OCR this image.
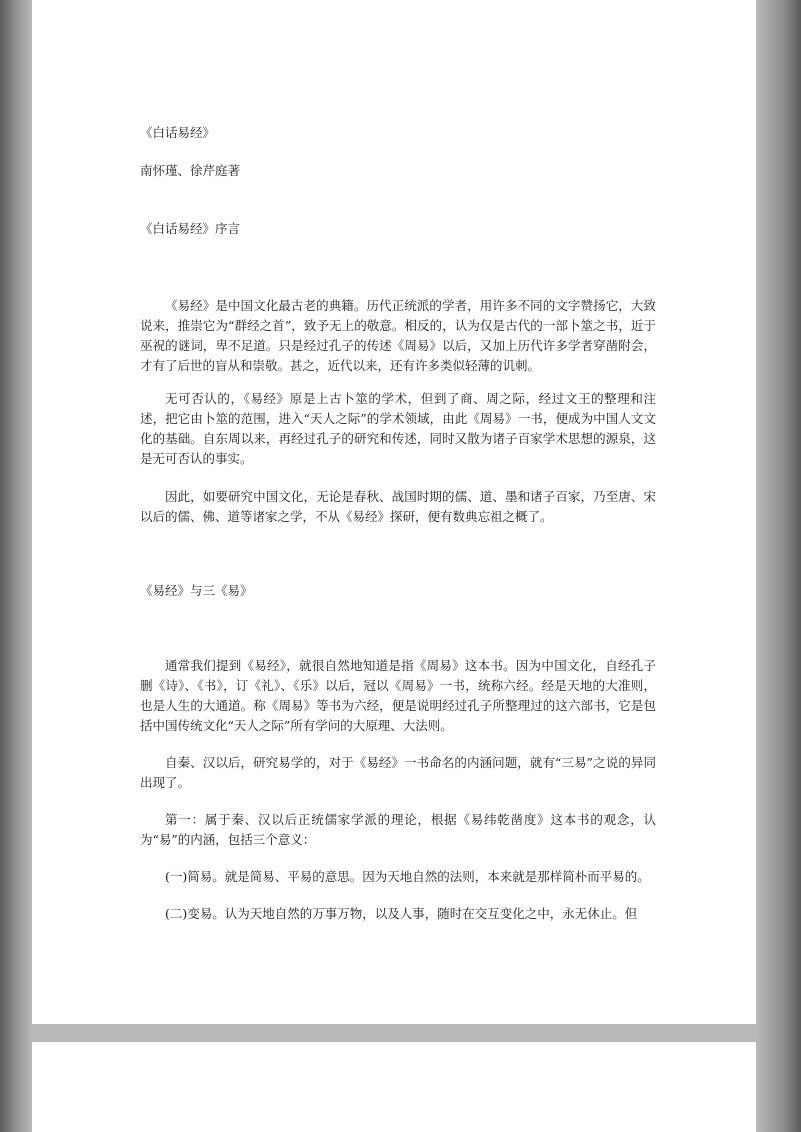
《白话易经》
南怀瑾、徐芹庭著
《白话易经》序言

《易经》是中国文化最古老的典籍。历代正统派的学者，用许多不同的文字赞扬它，大致说来，推崇它为“群经之首”，致予无上的敬意。相反的，认为仅是古代的一部卜筮之书，近于巫祝的谜词，卑不足道。只是经过孔子的传述《周易》以后，又加上历代许多学者穿凿附会，才有了后世的盲从和崇敬。甚之，近代以来，还有许多类似轻薄的讥刺。

无可否认的，《易经》原是上古卜筮的学术，但到了商、周之际，经过文王的整理和注述，把它由卜筮的范围，进入“天人之际”的学术领域，由此《周易》一书，便成为中国人文文化的基础。自东周以来，再经过孔子的研究和传述，同时又散为诸子百家学术思想的源泉，这是无可否认的事实。

因此，如要研究中国文化，无论是春秋、战国时期的儒、道、墨和诸子百家，乃至唐、宋以后的儒、佛、道等诸家之学，不从《易经》探研，便有数典忘祖之概了。

《易经》与三《易》

通常我们提到《易经》，就很自然地知道是指《周易》这本书。因为中国文化，自经孔子删《诗》、《书》，订《礼》、《乐》以后，冠以《周易》一书，统称六经。经是天地的大准则，也是人生的大通道。称《周易》等书为六经，便是说明经过孔子所整理过的这六部书，它是包括中国传统文化“天人之际”所有学问的大原理、大法则。

自秦、汉以后，研究易学的，对于《易经》一书命名的内涵问题，就有“三易”之说的异同出现了。

第一：属于秦、汉以后正统儒家学派的理论，根据《易纬乾凿度》这本书的观念，认为“易”的内涵，包括三个意义：

(一)简易。就是简易、平易的意思。因为天地自然的法则，本来就是那样简朴而平易的。

(二)变易。认为天地自然的万事万物，以及人事，随时在交互变化之中，永无休止。但
